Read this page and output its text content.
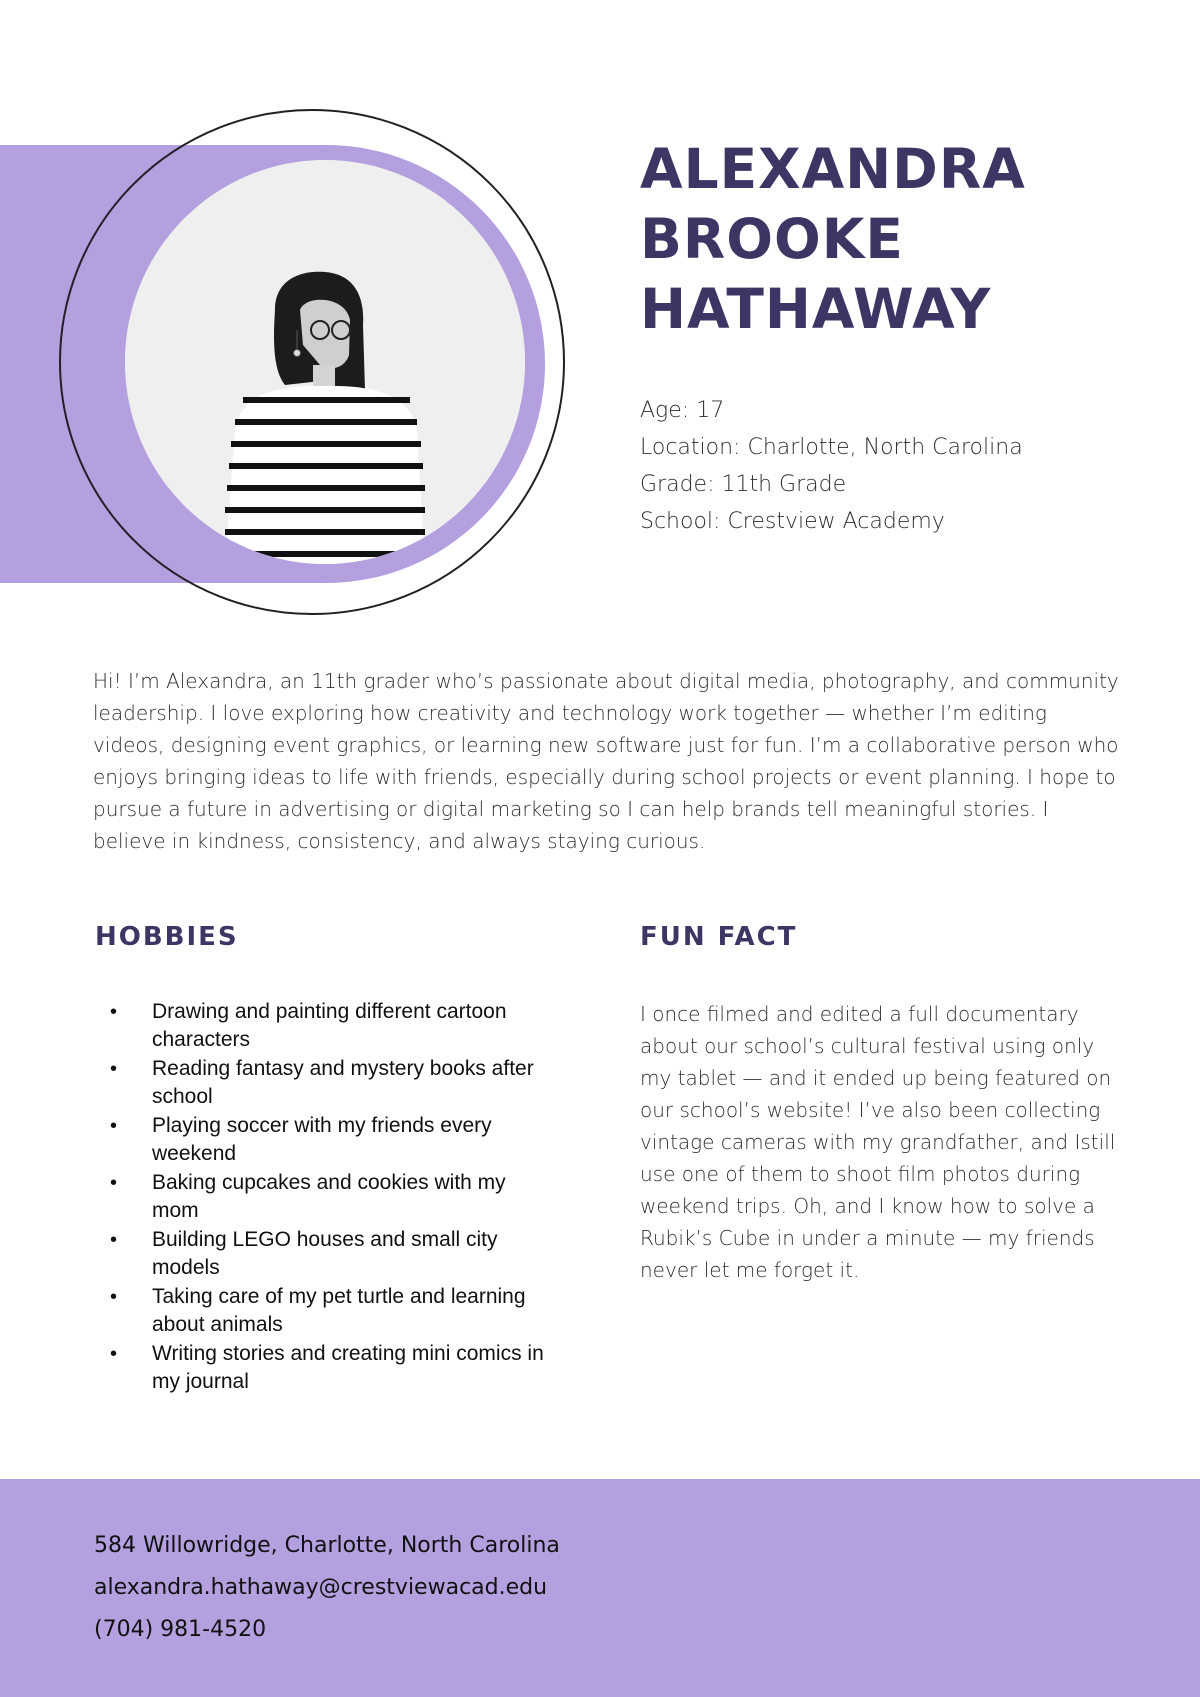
ALEXANDRA
BROOKE
HATHAWAY
Age: 17
Location: Charlotte, North Carolina
Grade: 11th Grade
School: Crestview Academy

Hi! I’m Alexandra, an 11th grader who’s passionate about digital media, photography, and community leadership. I love exploring how creativity and technology work together — whether I’m editing videos, designing event graphics, or learning new software just for fun. I’m a collaborative person who enjoys bringing ideas to life with friends, especially during school projects or event planning. I hope to pursue a future in advertising or digital marketing so I can help brands tell meaningful stories. I believe in kindness, consistency, and always staying curious.

HOBBIES	FUN FACT
• Drawing and painting different cartoon characters
• Reading fantasy and mystery books after school
• Playing soccer with my friends every weekend
• Baking cupcakes and cookies with my mom
• Building LEGO houses and small city models
• Taking care of my pet turtle and learning about animals
• Writing stories and creating mini comics in my journal

I once filmed and edited a full documentary about our school’s cultural festival using only my tablet — and it ended up being featured on our school’s website! I’ve also been collecting vintage cameras with my grandfather, and Istill use one of them to shoot film photos during weekend trips. Oh, and I know how to solve a Rubik’s Cube in under a minute — my friends never let me forget it.

584 Willowridge, Charlotte, North Carolina
alexandra.hathaway@crestviewacad.edu
(704) 981-4520
